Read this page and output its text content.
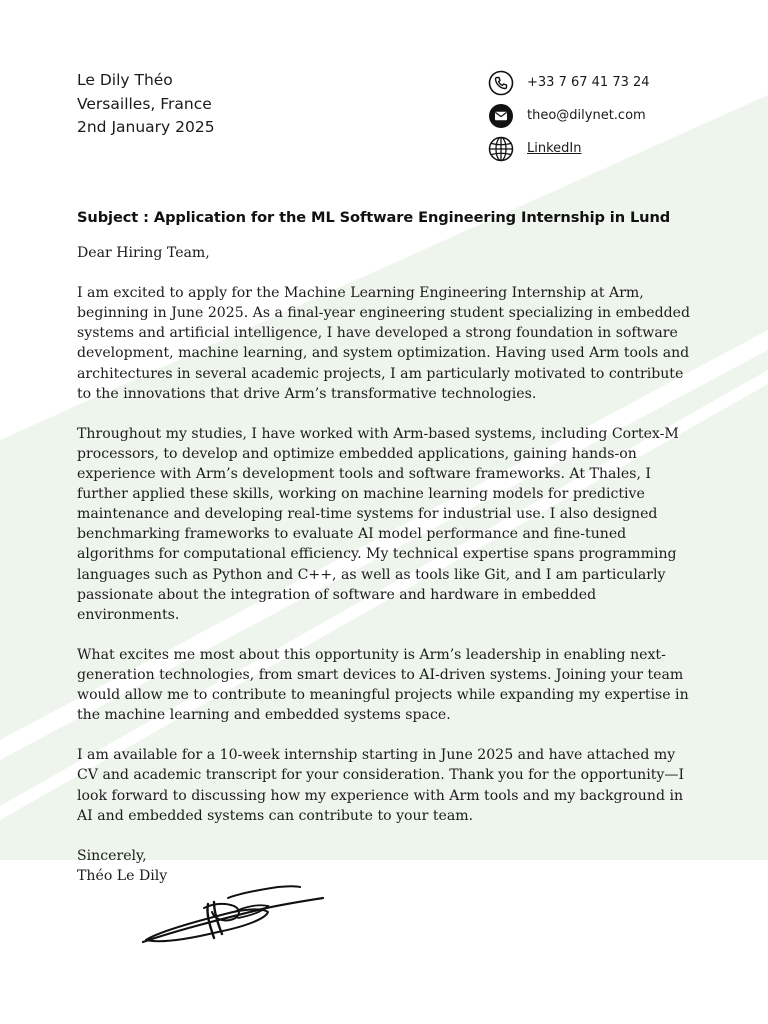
Le Dily Théo
Versailles, France
2nd January 2025
+33 7 67 41 73 24
theo@dilynet.com
LinkedIn
Subject : Application for the ML Software Engineering Internship in Lund

Dear Hiring Team,

I am excited to apply for the Machine Learning Engineering Internship at Arm, beginning in June 2025. As a final-year engineering student specializing in embedded systems and artificial intelligence, I have developed a strong foundation in software development, machine learning, and system optimization. Having used Arm tools and architectures in several academic projects, I am particularly motivated to contribute to the innovations that drive Arm’s transformative technologies.

Throughout my studies, I have worked with Arm-based systems, including Cortex-M processors, to develop and optimize embedded applications, gaining hands-on experience with Arm’s development tools and software frameworks. At Thales, I further applied these skills, working on machine learning models for predictive maintenance and developing real-time systems for industrial use. I also designed benchmarking frameworks to evaluate AI model performance and fine-tuned algorithms for computational efficiency. My technical expertise spans programming languages such as Python and C++, as well as tools like Git, and I am particularly passionate about the integration of software and hardware in embedded environments.

What excites me most about this opportunity is Arm’s leadership in enabling next-generation technologies, from smart devices to AI-driven systems. Joining your team would allow me to contribute to meaningful projects while expanding my expertise in the machine learning and embedded systems space.

I am available for a 10-week internship starting in June 2025 and have attached my CV and academic transcript for your consideration. Thank you for the opportunity—I look forward to discussing how my experience with Arm tools and my background in AI and embedded systems can contribute to your team.

Sincerely,
Théo Le Dily
